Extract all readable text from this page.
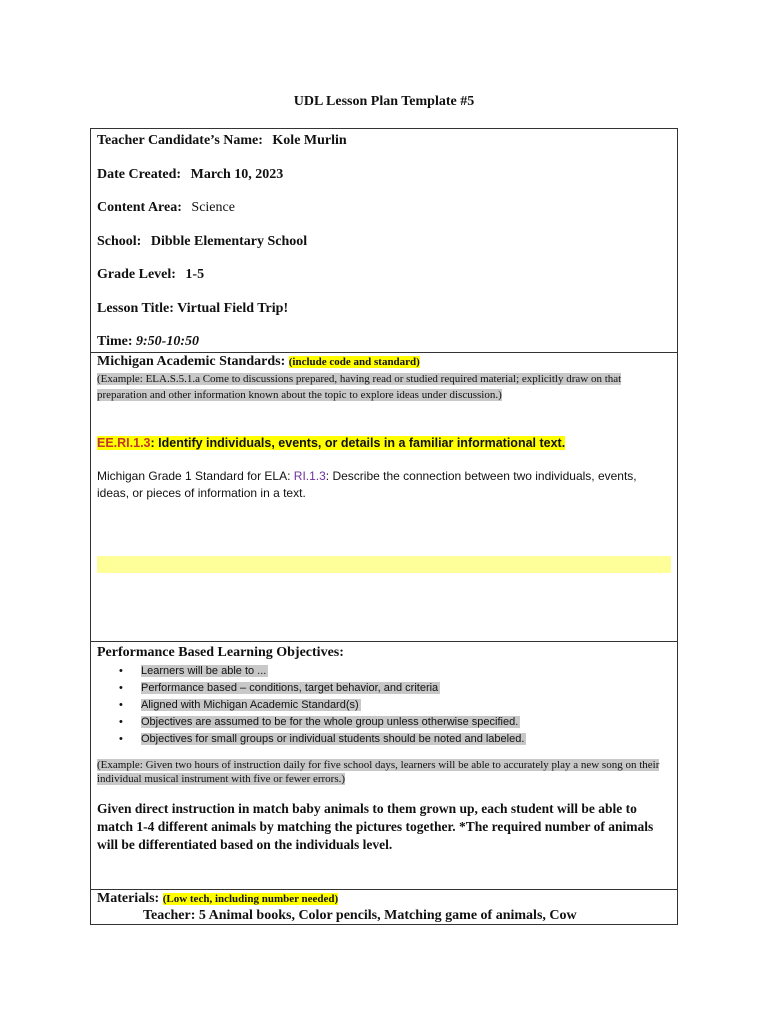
UDL Lesson Plan Template #5

Teacher Candidate’s Name: Kole Murlin

Date Created: March 10, 2023

Content Area: Science

School: Dibble Elementary School

Grade Level: 1-5

Lesson Title: Virtual Field Trip!

Time: 9:50-10:50

Michigan Academic Standards: (include code and standard)

(Example: ELA.S.5.1.a Come to discussions prepared, having read or studied required material; explicitly draw on that preparation and other information known about the topic to explore ideas under discussion.)

EE.RI.1.3: Identify individuals, events, or details in a familiar informational text.

Michigan Grade 1 Standard for ELA: RI.1.3: Describe the connection between two individuals, events, ideas, or pieces of information in a text.

Performance Based Learning Objectives:

• Learners will be able to ...
• Performance based – conditions, target behavior, and criteria
• Aligned with Michigan Academic Standard(s)
• Objectives are assumed to be for the whole group unless otherwise specified.
• Objectives for small groups or individual students should be noted and labeled.

(Example: Given two hours of instruction daily for five school days, learners will be able to accurately play a new song on their individual musical instrument with five or fewer errors.)

Given direct instruction in match baby animals to them grown up, each student will be able to match 1-4 different animals by matching the pictures together. *The required number of animals will be differentiated based on the individuals level.

Materials: (Low tech, including number needed)

Teacher: 5 Animal books, Color pencils, Matching game of animals, Cow
